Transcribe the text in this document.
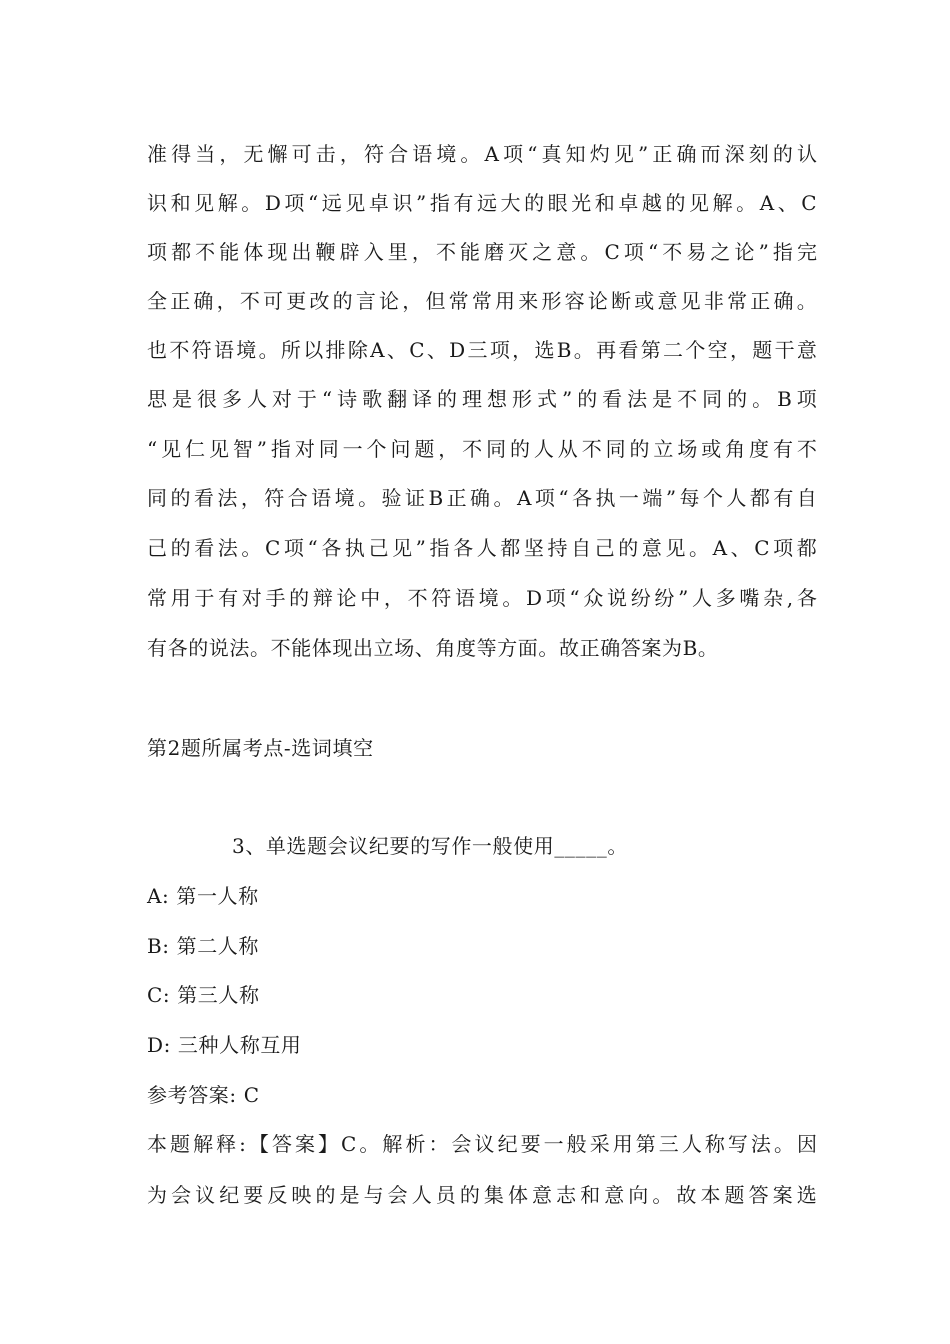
准 得 当 ， 无 懈 可 击 ， 符 合 语 境 。 A 项 “ 真 知 灼 见 ” 正 确 而 深 刻 的 认
识 和 见 解 。 D 项 “ 远 见 卓 识 ” 指 有 远 大 的 眼 光 和 卓 越 的 见 解 。 A 、 C
项 都 不 能 体 现 出 鞭 辟 入 里 ， 不 能 磨 灭 之 意 。 C 项 “ 不 易 之 论 ” 指 完
全 正 确 ， 不 可 更 改 的 言 论 ， 但 常 常 用 来 形 容 论 断 或 意 见 非 常 正 确 。
也 不 符 语 境 。 所 以 排 除 A 、 C 、 D 三 项 ， 选 B 。 再 看 第 二 个 空 ， 题 干 意
思 是 很 多 人 对 于 “ 诗 歌 翻 译 的 理 想 形 式 ” 的 看 法 是 不 同 的 。 B 项
“ 见 仁 见 智 ” 指 对 同 一 个 问 题 ， 不 同 的 人 从 不 同 的 立 场 或 角 度 有 不
同 的 看 法 ， 符 合 语 境 。 验 证 B 正 确 。 A 项 “ 各 执 一 端 ” 每 个 人 都 有 自
己 的 看 法 。 C 项 “ 各 执 己 见 ” 指 各 人 都 坚 持 自 己 的 意 见 。 A 、 C 项 都
常 用 于 有 对 手 的 辩 论 中 ， 不 符 语 境 。 D 项 “ 众 说 纷 纷 ” 人 多 嘴 杂 , 各
有各的说法。不能体现出立场、角度等方面。故正确答案为B。
第2题所属考点-选词填空
3、单选题会议纪要的写作一般使用_____。
A: 第一人称
B: 第二人称
C: 第三人称
D: 三种人称互用
参考答案: C
本 题 解 释 : 【 答 案 】 C 。 解 析 ： 会 议 纪 要 一 般 采 用 第 三 人 称 写 法 。 因
为 会 议 纪 要 反 映 的 是 与 会 人 员 的 集 体 意 志 和 意 向 。 故 本 题 答 案 选
